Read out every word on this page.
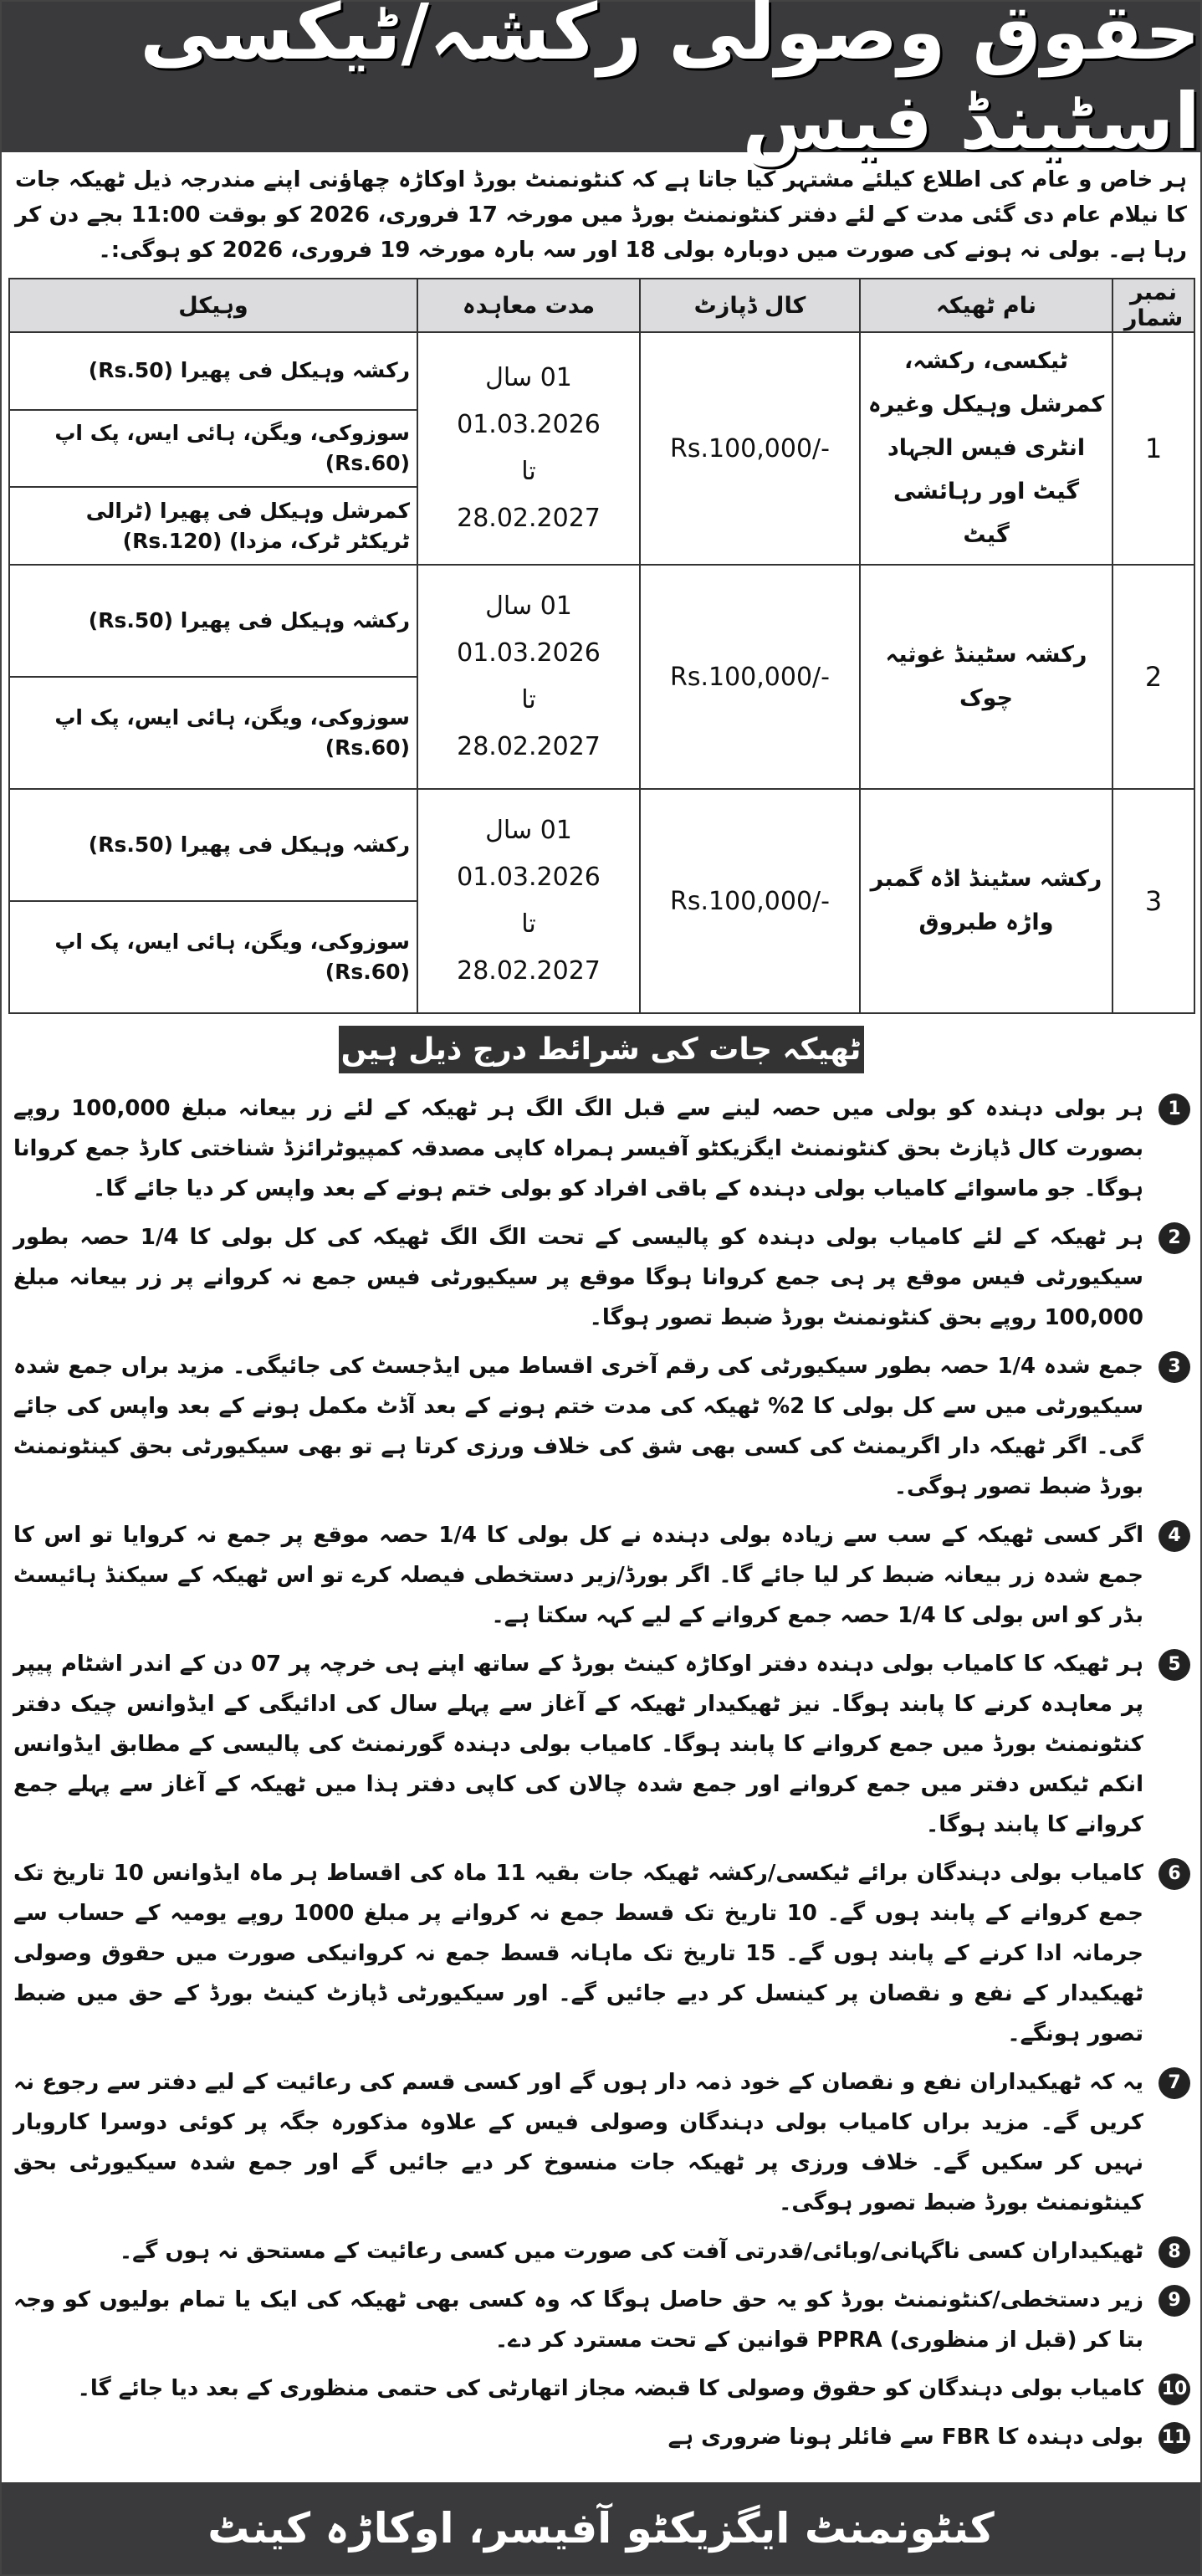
حقوق وصولی رکشہ/ٹیکسی اسٹینڈ فیس

ہر خاص و عام کی اطلاع کیلئے مشتہر کیا جاتا ہے کہ کنٹونمنٹ بورڈ اوکاڑہ چھاؤنی اپنے مندرجہ ذیل ٹھیکہ جات کا نیلام عام دی گئی مدت کے لئے دفتر کنٹونمنٹ بورڈ میں مورخہ 17 فروری، 2026 کو بوقت 11:00 بجے دن کر رہا ہے۔ بولی نہ ہونے کی صورت میں دوبارہ بولی 18 اور سہ بارہ مورخہ 19 فروری، 2026 کو ہوگی:۔

نمبر شمار	نام ٹھیکہ	کال ڈپازٹ	مدت معاہدہ	وہیکل
1	ٹیکسی، رکشہ، کمرشل وہیکل وغیرہ انٹری فیس الجہاد گیٹ اور رہائشی گیٹ	Rs.100,000/-	01 سال
01.03.2026
تا
28.02.2027	رکشہ وہیکل فی پھیرا (Rs.50)
				سوزوکی، ویگن، ہائی ایس، پک اپ (Rs.60)
				کمرشل وہیکل فی پھیرا (ٹرالی ٹریکٹر ٹرک، مزدا) (Rs.120)
2	رکشہ سٹینڈ غوثیہ چوک	Rs.100,000/-	01 سال
01.03.2026
تا
28.02.2027	رکشہ وہیکل فی پھیرا (Rs.50)
				سوزوکی، ویگن، ہائی ایس، پک اپ (Rs.60)
3	رکشہ سٹینڈ اڈہ گمبر واڑہ طبروق	Rs.100,000/-	01 سال
01.03.2026
تا
28.02.2027	رکشہ وہیکل فی پھیرا (Rs.50)
				سوزوکی، ویگن، ہائی ایس، پک اپ (Rs.60)
ٹھیکہ جات کی شرائط درج ذیل ہیں
1

ہر بولی دہندہ کو بولی میں حصہ لینے سے قبل الگ الگ ہر ٹھیکہ کے لئے زر بیعانہ مبلغ 100,000 روپے بصورت کال ڈپازٹ بحق کنٹونمنٹ ایگزیکٹو آفیسر ہمراہ کاپی مصدقہ کمپیوٹرائزڈ شناختی کارڈ جمع کروانا ہوگا۔ جو ماسوائے کامیاب بولی دہندہ کے باقی افراد کو بولی ختم ہونے کے بعد واپس کر دیا جائے گا۔

2

ہر ٹھیکہ کے لئے کامیاب بولی دہندہ کو پالیسی کے تحت الگ الگ ٹھیکہ کی کل بولی کا 1/4 حصہ بطور سیکیورٹی فیس موقع پر ہی جمع کروانا ہوگا موقع پر سیکیورٹی فیس جمع نہ کروانے پر زر بیعانہ مبلغ 100,000 روپے بحق کنٹونمنٹ بورڈ ضبط تصور ہوگا۔

3

جمع شدہ 1/4 حصہ بطور سیکیورٹی کی رقم آخری اقساط میں ایڈجسٹ کی جائیگی۔ مزید براں جمع شدہ سیکیورٹی میں سے کل بولی کا 2% ٹھیکہ کی مدت ختم ہونے کے بعد آڈٹ مکمل ہونے کے بعد واپس کی جائے گی۔ اگر ٹھیکہ دار اگریمنٹ کی کسی بھی شق کی خلاف ورزی کرتا ہے تو بھی سیکیورٹی بحق کینٹونمنٹ بورڈ ضبط تصور ہوگی۔

4

اگر کسی ٹھیکہ کے سب سے زیادہ بولی دہندہ نے کل بولی کا 1/4 حصہ موقع پر جمع نہ کروایا تو اس کا جمع شدہ زر بیعانہ ضبط کر لیا جائے گا۔ اگر بورڈ/زیر دستخطی فیصلہ کرے تو اس ٹھیکہ کے سیکنڈ ہائیسٹ بڈر کو اس بولی کا 1/4 حصہ جمع کروانے کے لیے کہہ سکتا ہے۔

5

ہر ٹھیکہ کا کامیاب بولی دہندہ دفتر اوکاڑہ کینٹ بورڈ کے ساتھ اپنے ہی خرچہ پر 07 دن کے اندر اشٹام پیپر پر معاہدہ کرنے کا پابند ہوگا۔ نیز ٹھیکیدار ٹھیکہ کے آغاز سے پہلے سال کی ادائیگی کے ایڈوانس چیک دفتر کنٹونمنٹ بورڈ میں جمع کروانے کا پابند ہوگا۔ کامیاب بولی دہندہ گورنمنٹ کی پالیسی کے مطابق ایڈوانس انکم ٹیکس دفتر میں جمع کروانے اور جمع شدہ چالان کی کاپی دفتر ہذا میں ٹھیکہ کے آغاز سے پہلے جمع کروانے کا پابند ہوگا۔

6

کامیاب بولی دہندگان برائے ٹیکسی/رکشہ ٹھیکہ جات بقیہ 11 ماہ کی اقساط ہر ماہ ایڈوانس 10 تاریخ تک جمع کروانے کے پابند ہوں گے۔ 10 تاریخ تک قسط جمع نہ کروانے پر مبلغ 1000 روپے یومیہ کے حساب سے جرمانہ ادا کرنے کے پابند ہوں گے۔ 15 تاریخ تک ماہانہ قسط جمع نہ کروانیکی صورت میں حقوق وصولی ٹھیکیدار کے نفع و نقصان پر کینسل کر دیے جائیں گے۔ اور سیکیورٹی ڈپازٹ کینٹ بورڈ کے حق میں ضبط تصور ہونگے۔

7

یہ کہ ٹھیکیداران نفع و نقصان کے خود ذمہ دار ہوں گے اور کسی قسم کی رعائیت کے لیے دفتر سے رجوع نہ کریں گے۔ مزید براں کامیاب بولی دہندگان وصولی فیس کے علاوہ مذکورہ جگہ پر کوئی دوسرا کاروبار نہیں کر سکیں گے۔ خلاف ورزی پر ٹھیکہ جات منسوخ کر دیے جائیں گے اور جمع شدہ سیکیورٹی بحق کینٹونمنٹ بورڈ ضبط تصور ہوگی۔

8

ٹھیکیداران کسی ناگہانی/وبائی/قدرتی آفت کی صورت میں کسی رعائیت کے مستحق نہ ہوں گے۔

9

زیر دستخطی/کنٹونمنٹ بورڈ کو یہ حق حاصل ہوگا کہ وہ کسی بھی ٹھیکہ کی ایک یا تمام بولیوں کو وجہ بتا کر (قبل از منظوری) PPRA قوانین کے تحت مسترد کر دے۔

10

کامیاب بولی دہندگان کو حقوق وصولی کا قبضہ مجاز اتھارٹی کی حتمی منظوری کے بعد دیا جائے گا۔

11

بولی دہندہ کا FBR سے فائلر ہونا ضروری ہے

کنٹونمنٹ ایگزیکٹو آفیسر، اوکاڑہ کینٹ
